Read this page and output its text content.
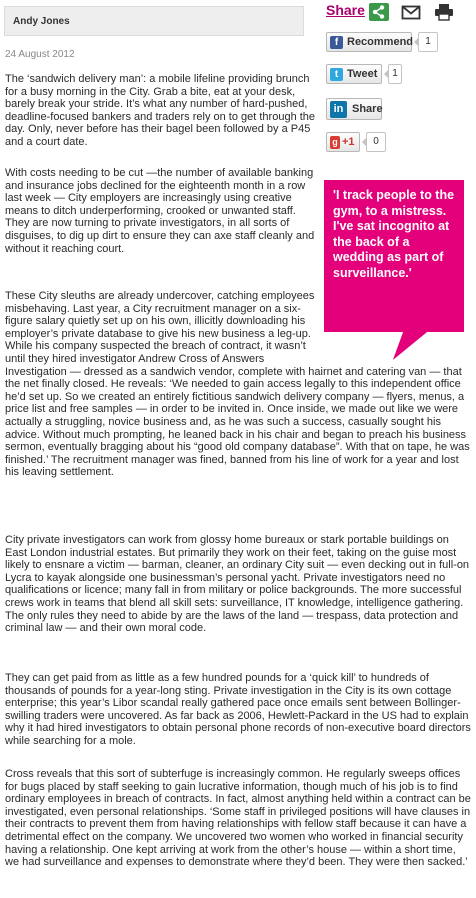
Andy Jones
24 August 2012
Share
f Recommend	1
t Tweet	1
in Share
g +1	0

'I track people to the gym, to a mistress. I've sat incognito at the back of a wedding as part of surveillance.'

The ‘sandwich delivery man’: a mobile lifeline providing brunch for a busy morning in the City. Grab a bite, eat at your desk, barely break your stride. It’s what any number of hard-pushed, deadline-focused bankers and traders rely on to get through the day. Only, never before has their bagel been followed by a P45 and a court date.

With costs needing to be cut —the number of available banking and insurance jobs declined for the eighteenth month in a row last week — City employers are increasingly using creative means to ditch underperforming, crooked or unwanted staff. They are now turning to private investigators, in all sorts of disguises, to dig up dirt to ensure they can axe staff cleanly and without it reaching court.

These City sleuths are already undercover, catching employees misbehaving. Last year, a City recruitment manager on a six-figure salary quietly set up on his own, illicitly downloading his employer’s private database to give his new business a leg-up. While his company suspected the breach of contract, it wasn’t until they hired investigator Andrew Cross of Answers Investigation — dressed as a sandwich vendor, complete with hairnet and catering van — that the net finally closed. He reveals: ‘We needed to gain access legally to this independent office he’d set up. So we created an entirely fictitious sandwich delivery company — flyers, menus, a price list and free samples — in order to be invited in. Once inside, we made out like we were actually a struggling, novice business and, as he was such a success, casually sought his advice. Without much prompting, he leaned back in his chair and began to preach his business sermon, eventually bragging about his “good old company database”. With that on tape, he was finished.’ The recruitment manager was fined, banned from his line of work for a year and lost his leaving settlement.

City private investigators can work from glossy home bureaux or stark portable buildings on East London industrial estates. But primarily they work on their feet, taking on the guise most likely to ensnare a victim — barman, cleaner, an ordinary City suit — even decking out in full-on Lycra to kayak alongside one businessman’s personal yacht. Private investigators need no qualifications or licence; many fall in from military or police backgrounds. The more successful crews work in teams that blend all skill sets: surveillance, IT knowledge, intelligence gathering. The only rules they need to abide by are the laws of the land — trespass, data protection and criminal law — and their own moral code.

They can get paid from as little as a few hundred pounds for a ‘quick kill’ to hundreds of thousands of pounds for a year-long sting. Private investigation in the City is its own cottage enterprise; this year’s Libor scandal really gathered pace once emails sent between Bollinger-swilling traders were uncovered. As far back as 2006, Hewlett-Packard in the US had to explain why it had hired investigators to obtain personal phone records of non-executive board directors while searching for a mole.

Cross reveals that this sort of subterfuge is increasingly common. He regularly sweeps offices for bugs placed by staff seeking to gain lucrative information, though much of his job is to find ordinary employees in breach of contracts. In fact, almost anything held within a contract can be investigated, even personal relationships. ‘Some staff in privileged positions will have clauses in their contracts to prevent them from having relationships with fellow staff because it can have a detrimental effect on the company. We uncovered two women who worked in financial security having a relationship. One kept arriving at work from the other’s house — within a short time, we had surveillance and expenses to demonstrate where they’d been. They were then sacked.’
